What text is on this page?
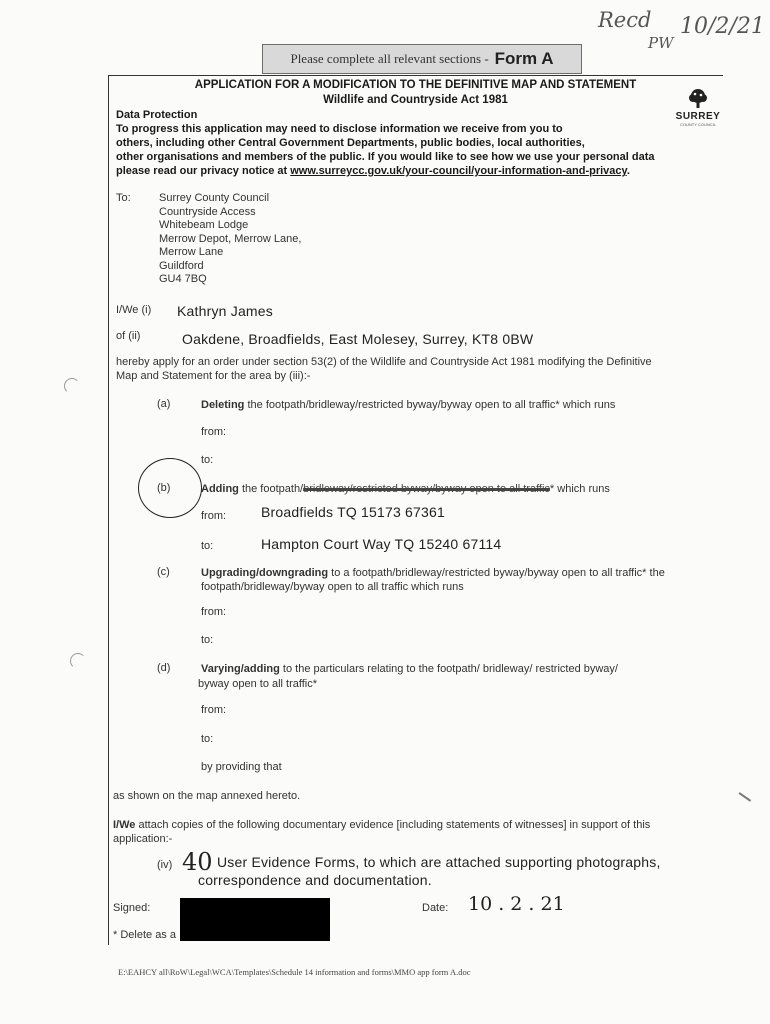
Recd 10/2/21
PW
Please complete all relevant sections - Form A
APPLICATION FOR A MODIFICATION TO THE DEFINITIVE MAP AND STATEMENT
Wildlife and Countryside Act 1981
SURREY
COUNTY COUNCIL
Data Protection
To progress this application may need to disclose information we receive from you to
others, including other Central Government Departments, public bodies, local authorities,
other organisations and members of the public. If you would like to see how we use your personal data
please read our privacy notice at www.surreycc.gov.uk/your-council/your-information-and-privacy.
To:	Surrey County Council
Countryside Access
Whitebeam Lodge
Merrow Depot, Merrow Lane,
Merrow Lane
Guildford
GU4 7BQ
I/We (i) Kathryn James
of (ii)	Oakdene, Broadfields, East Molesey, Surrey, KT8 0BW
hereby apply for an order under section 53(2) of the Wildlife and Countryside Act 1981 modifying the Definitive
Map and Statement for the area by (iii):-
(a)	Deleting the footpath/bridleway/restricted byway/byway open to all traffic* which runs
from:
to:
(b)	Adding the footpath/bridleway/restricted byway/byway open to all traffic* which runs
from: Broadfields TQ 15173 67361
to:	Hampton Court Way TQ 15240 67114
(c)	Upgrading/downgrading to a footpath/bridleway/restricted byway/byway open to all traffic* the
footpath/bridleway/byway open to all traffic which runs
from:
to:
(d)	Varying/adding to the particulars relating to the footpath/ bridleway/ restricted byway/
byway open to all traffic*
from:
to:
by providing that
as shown on the map annexed hereto.
I/We attach copies of the following documentary evidence [including statements of witnesses] in support of this
application:-
(iv) 40 User Evidence Forms, to which are attached supporting photographs,
correspondence and documentation.
Signed:	Date: 10 . 2 . 21
* Delete as a
E:\EAHCY all\RoW\Legal\WCA\Templates\Schedule 14 information and forms\MMO app form A.doc
